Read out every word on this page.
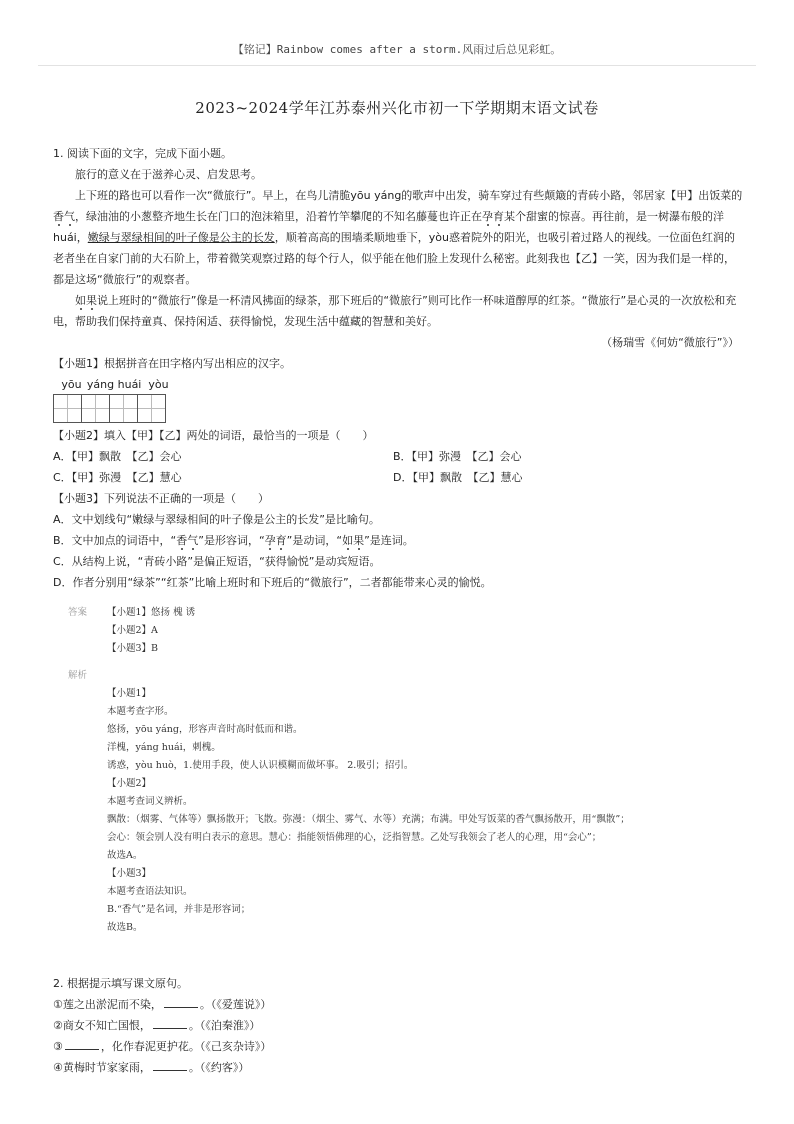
【铭记】Rainbow comes after a storm.风雨过后总见彩虹。
2023~2024学年江苏泰州兴化市初一下学期期末语文试卷

1. 阅读下面的文字，完成下面小题。

旅行的意义在于滋养心灵、启发思考。

上下班的路也可以看作一次“微旅行”。早上，在鸟儿清脆yōu yáng的歌声中出发，骑车穿过有些颠簸的青砖小路，邻居家【甲】出饭菜的香气，绿油油的小葱整齐地生长在门口的泡沫箱里，沿着竹竿攀爬的不知名藤蔓也许正在孕育某个甜蜜的惊喜。再往前，是一树瀑布般的洋huái，嫩绿与翠绿相间的叶子像是公主的长发，顺着高高的围墙柔顺地垂下，yòu惑着院外的阳光，也吸引着过路人的视线。一位面色红润的老者坐在自家门前的大石阶上，带着微笑观察过路的每个行人，似乎能在他们脸上发现什么秘密。此刻我也【乙】一笑，因为我们是一样的，都是这场“微旅行”的观察者。

如果说上班时的“微旅行”像是一杯清风拂面的绿茶，那下班后的“微旅行”则可比作一杯味道醇厚的红茶。“微旅行”是心灵的一次放松和充电，帮助我们保持童真、保持闲适、获得愉悦，发现生活中蕴藏的智慧和美好。

（杨瑞雪《何妨“微旅行”》）

【小题1】根据拼音在田字格内写出相应的汉字。

yōu yáng huái yòu

【小题2】填入【甲】【乙】两处的词语，最恰当的一项是（　　）

A．【甲】飘散　【乙】会心	B．【甲】弥漫　【乙】会心
C．【甲】弥漫　【乙】慧心	D．【甲】飘散　【乙】慧心

【小题3】下列说法不正确的一项是（　　）

A．文中划线句“嫩绿与翠绿相间的叶子像是公主的长发”是比喻句。

B．文中加点的词语中，“香气”是形容词，“孕育”是动词，“如果”是连词。

C．从结构上说，“青砖小路”是偏正短语，“获得愉悦”是动宾短语。

D．作者分别用“绿茶”“红茶”比喻上班时和下班后的“微旅行”，二者都能带来心灵的愉悦。

答案 【小题1】悠扬 槐 诱

【小题2】A

【小题3】B

解析

【小题1】

本题考查字形。

悠扬，yōu yáng，形容声音时高时低而和谐。

洋槐，yáng huái，刺槐。

诱惑，yòu huò，1.使用手段，使人认识模糊而做坏事。 2.吸引；招引。

【小题2】

本题考查词义辨析。

飘散：（烟雾、气体等）飘扬散开；飞散。弥漫：（烟尘、雾气、水等）充满；布满。甲处写饭菜的香气飘扬散开，用“飘散”；

会心：领会别人没有明白表示的意思。慧心：指能领悟佛理的心，泛指智慧。乙处写我领会了老人的心理，用“会心”；

故选A。

【小题3】

本题考查语法知识。

B.“香气”是名词，并非是形容词；

故选B。

2. 根据提示填写课文原句。

①莲之出淤泥而不染，	。（《爱莲说》）

②商女不知亡国恨，	。（《泊秦淮》）

③	，化作春泥更护花。（《己亥杂诗》）

④黄梅时节家家雨，	。（《约客》）
